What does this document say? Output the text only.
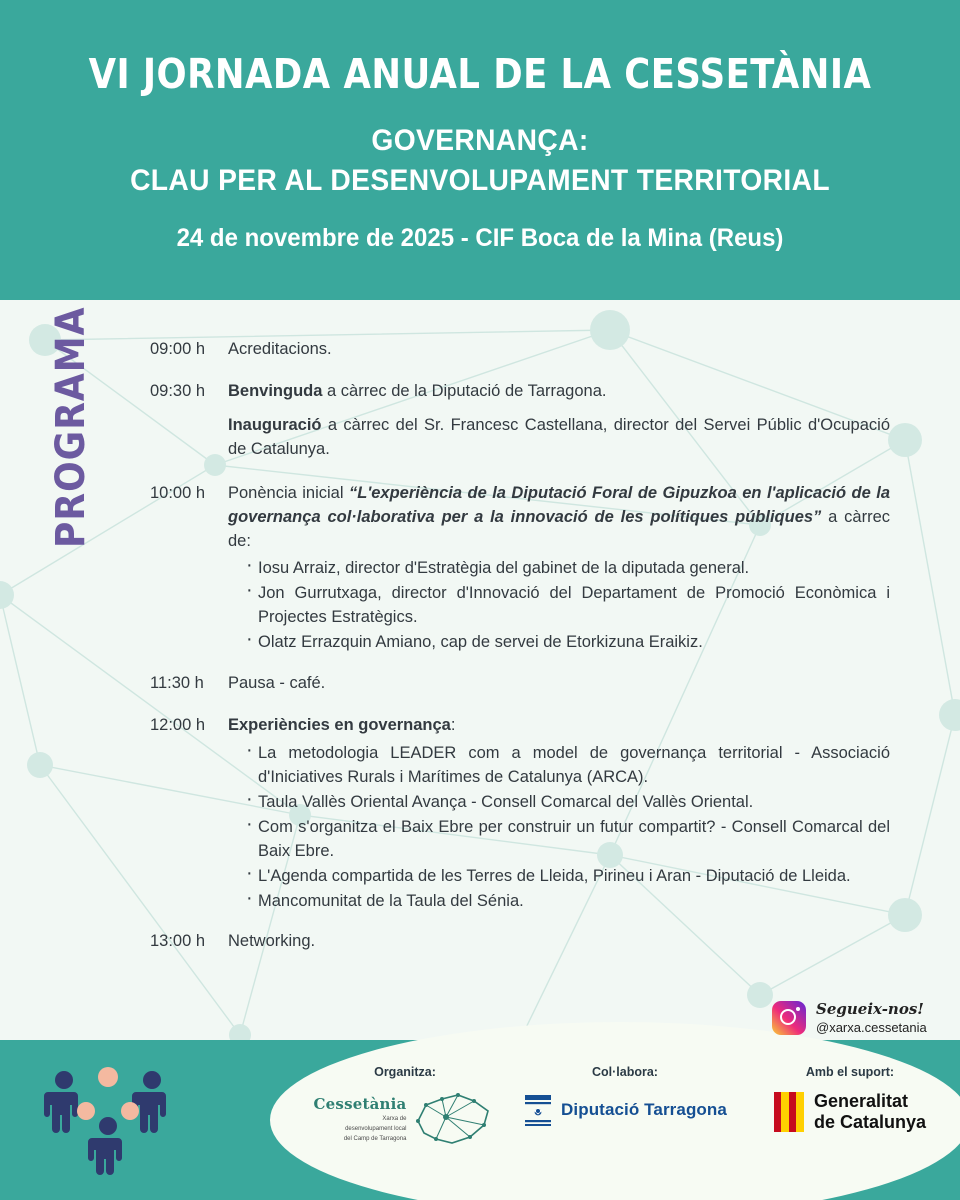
VI JORNADA ANUAL DE LA CESSETÀNIA
GOVERNANÇA:
CLAU PER AL DESENVOLUPAMENT TERRITORIAL
24 de novembre de 2025 - CIF Boca de la Mina (Reus)
PROGRAMA	09:00 h	Acreditacions.

09:30 h	Benvinguda a càrrec de la Diputació de Tarragona.

Inauguració a càrrec del Sr. Francesc Castellana, director del Servei Públic d'Ocupació de Catalunya.

10:00 h	Ponència inicial “L'experiència de la Diputació Foral de Gipuzkoa en l'aplicació de la governança col·laborativa per a la innovació de les polítiques públiques” a càrrec de:

· Iosu Arraiz, director d'Estratègia del gabinet de la diputada general.
· Jon Gurrutxaga, director d'Innovació del Departament de Promoció Econòmica i Projectes Estratègics.
· Olatz Errazquin Amiano, cap de servei de Etorkizuna Eraikiz.
11:30 h	Pausa - café.

12:00 h	Experiències en governança:

· La metodologia LEADER com a model de governança territorial - Associació d'Iniciatives Rurals i Marítimes de Catalunya (ARCA).
· Taula Vallès Oriental Avança - Consell Comarcal del Vallès Oriental.
· Com s'organitza el Baix Ebre per construir un futur compartit? - Consell Comarcal del Baix Ebre.
· L'Agenda compartida de les Terres de Lleida, Pirineu i Aran - Diputació de Lleida.
· Mancomunitat de la Taula del Sénia.
13:00 h	Networking.

Segueix-nos!
@xarxa.cessetania
Organitza:
Cessetània
Xarxa de
desenvolupament local
del Camp de Tarragona
Col·labora:
Diputació Tarragona
Amb el suport:
Generalitat
de Catalunya
